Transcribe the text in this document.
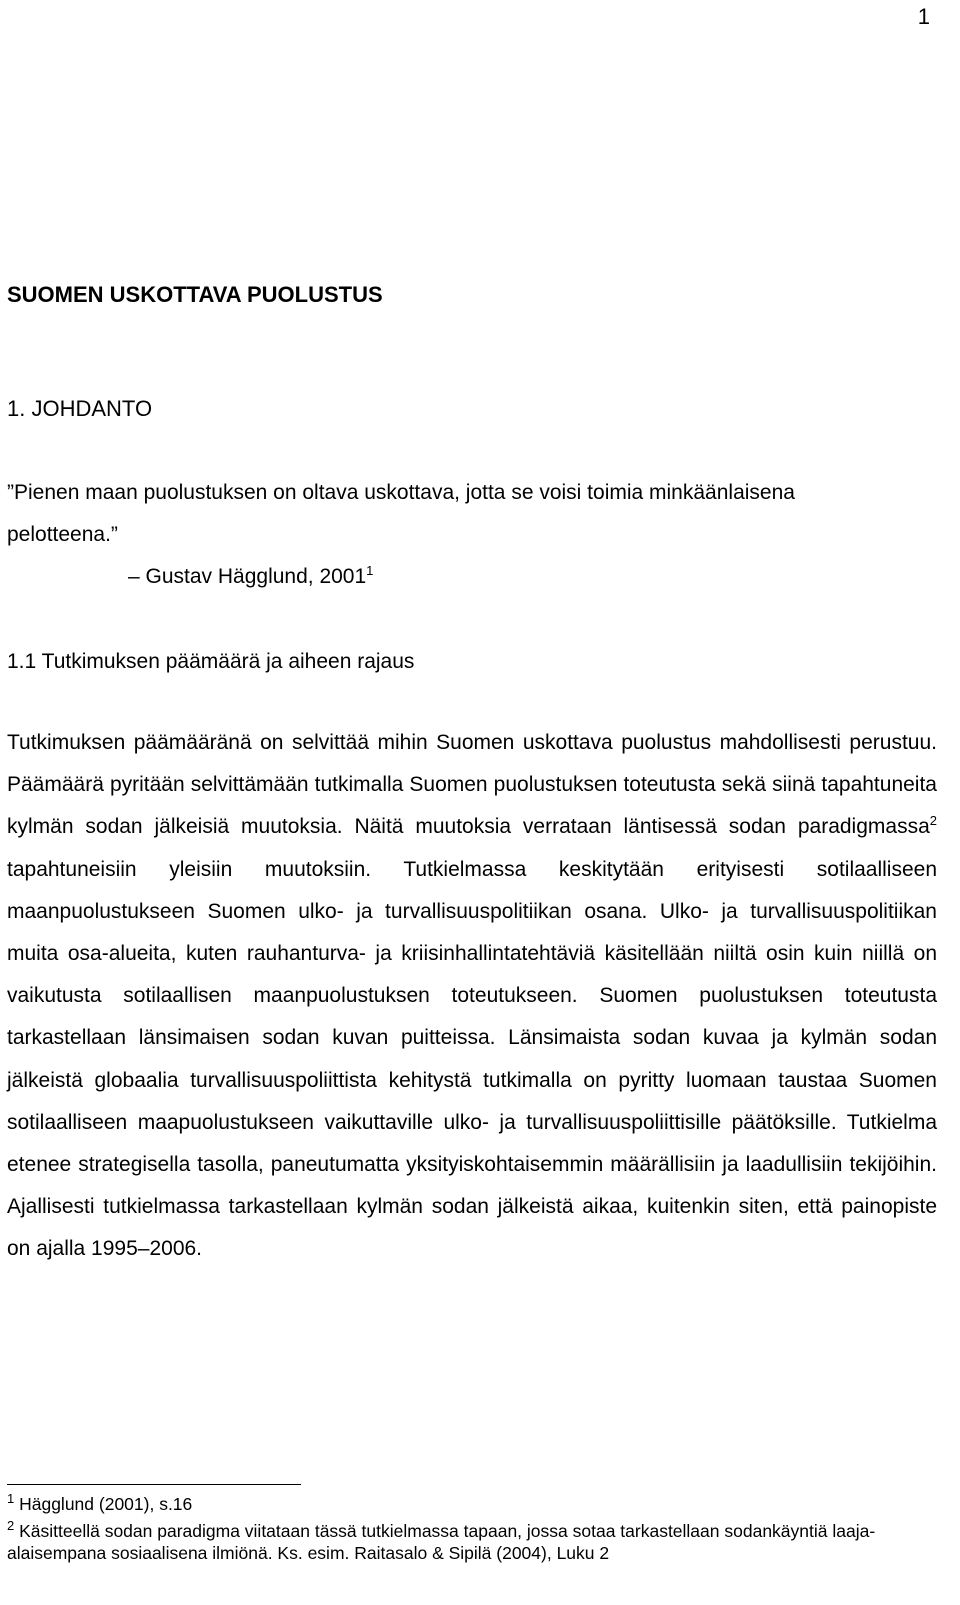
1

SUOMEN USKOTTAVA PUOLUSTUS
1. JOHDANTO

”Pienen maan puolustuksen on oltava uskottava, jotta se voisi toimia minkäänlaisena

pelotteena.”

– Gustav Hägglund, 2001$^1$

1.1 Tutkimuksen päämäärä ja aiheen rajaus

Tutkimuksen päämääränä on selvittää mihin Suomen uskottava puolustus mahdollisesti perustuu. Päämäärä pyritään selvittämään tutkimalla Suomen puolustuksen toteutusta sekä siinä tapahtuneita kylmän sodan jälkeisiä muutoksia. Näitä muutoksia verrataan läntisessä sodan paradigmassa$^2$ tapahtuneisiin yleisiin muutoksiin. Tutkielmassa keskitytään erityisesti sotilaalliseen maanpuolustukseen Suomen ulko- ja turvallisuuspolitiikan osana. Ulko- ja turvallisuuspolitiikan muita osa-alueita, kuten rauhanturva- ja kriisinhallintatehtäviä käsitellään niiltä osin kuin niillä on vaikutusta sotilaallisen maanpuolustuksen toteutukseen. Suomen puolustuksen toteutusta tarkastellaan länsimaisen sodan kuvan puitteissa. Länsimaista sodan kuvaa ja kylmän sodan jälkeistä globaalia turvallisuuspoliittista kehitystä tutkimalla on pyritty luomaan taustaa Suomen sotilaalliseen maapuolustukseen vaikuttaville ulko- ja turvallisuuspoliittisille päätöksille. Tutkielma etenee strategisella tasolla, paneutumatta yksityiskohtaisemmin määrällisiin ja laadullisiin tekijöihin. Ajallisesti tutkielmassa tarkastellaan kylmän sodan jälkeistä aikaa, kuitenkin siten, että painopiste on ajalla 1995–2006.

$^1$ Hägglund (2001), s.16

$^2$ Käsitteellä sodan paradigma viitataan tässä tutkielmassa tapaan, jossa sotaa tarkastellaan sodankäyntiä laaja-alaisempana sosiaalisena ilmiönä. Ks. esim. Raitasalo & Sipilä (2004), Luku 2
